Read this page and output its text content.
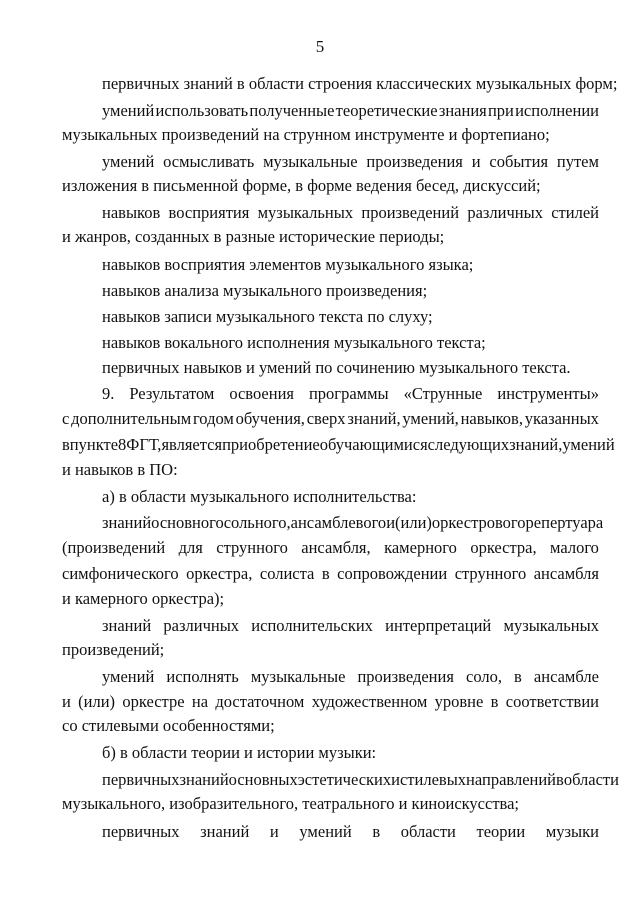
5
первичных знаний в области строения классических музыкальных форм;
умений использовать полученные теоретические знания при исполнении
музыкальных произведений на струнном инструменте и фортепиано;
умений осмысливать музыкальные произведения и события путем
изложения в письменной форме, в форме ведения бесед, дискуссий;
навыков восприятия музыкальных произведений различных стилей
и жанров, созданных в разные исторические периоды;
навыков восприятия элементов музыкального языка;
навыков анализа музыкального произведения;
навыков записи музыкального текста по слуху;
навыков вокального исполнения музыкального текста;
первичных навыков и умений по сочинению музыкального текста.
9. Результатом освоения программы «Струнные инструменты»
с дополнительным годом обучения, сверх знаний, умений, навыков, указанных
в пункте 8 ФГТ, является приобретение обучающимися следующих знаний, умений
и навыков в ПО:
а) в области музыкального исполнительства:
знаний основного сольного, ансамблевого и (или) оркестрового репертуара
(произведений для струнного ансамбля, камерного оркестра, малого
симфонического оркестра, солиста в сопровождении струнного ансамбля
и камерного оркестра);
знаний различных исполнительских интерпретаций музыкальных
произведений;
умений исполнять музыкальные произведения соло, в ансамбле
и (или) оркестре на достаточном художественном уровне в соответствии
со стилевыми особенностями;
б) в области теории и истории музыки:
первичных знаний основных эстетических и стилевых направлений в области
музыкального, изобразительного, театрального и киноискусства;
первичных знаний и умений в области теории музыки
